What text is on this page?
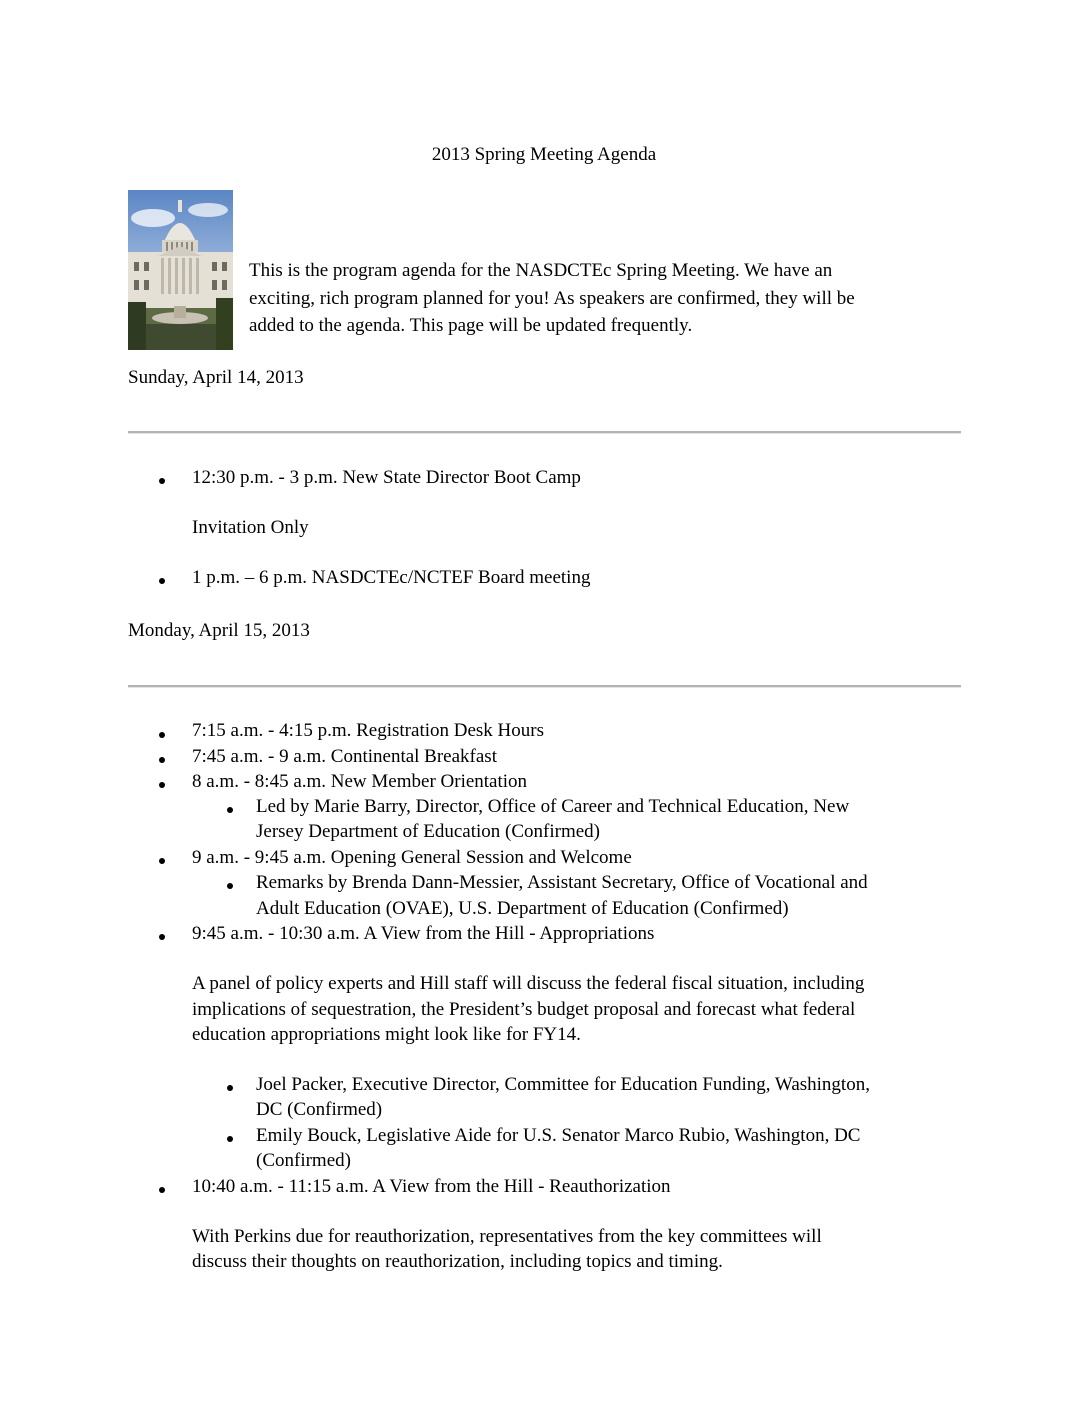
2013 Spring Meeting Agenda
This is the program agenda for the NASDCTEc Spring Meeting. We have an
exciting, rich program planned for you! As speakers are confirmed, they will be
added to the agenda. This page will be updated frequently.
Sunday, April 14, 2013
12:30 p.m. - 3 p.m. New State Director Boot Camp
Invitation Only
1 p.m. – 6 p.m. NASDCTEc/NCTEF Board meeting
Monday, April 15, 2013
7:15 a.m. - 4:15 p.m. Registration Desk Hours
7:45 a.m. - 9 a.m. Continental Breakfast
8 a.m. - 8:45 a.m. New Member Orientation
Led by Marie Barry, Director, Office of Career and Technical Education, New
Jersey Department of Education (Confirmed)
9 a.m. - 9:45 a.m. Opening General Session and Welcome
Remarks by Brenda Dann-Messier, Assistant Secretary, Office of Vocational and
Adult Education (OVAE), U.S. Department of Education (Confirmed)
9:45 a.m. - 10:30 a.m. A View from the Hill - Appropriations
A panel of policy experts and Hill staff will discuss the federal fiscal situation, including
implications of sequestration, the President’s budget proposal and forecast what federal
education appropriations might look like for FY14.
Joel Packer, Executive Director, Committee for Education Funding, Washington,
DC (Confirmed)
Emily Bouck, Legislative Aide for U.S. Senator Marco Rubio, Washington, DC
(Confirmed)
10:40 a.m. - 11:15 a.m. A View from the Hill - Reauthorization
With Perkins due for reauthorization, representatives from the key committees will
discuss their thoughts on reauthorization, including topics and timing.
